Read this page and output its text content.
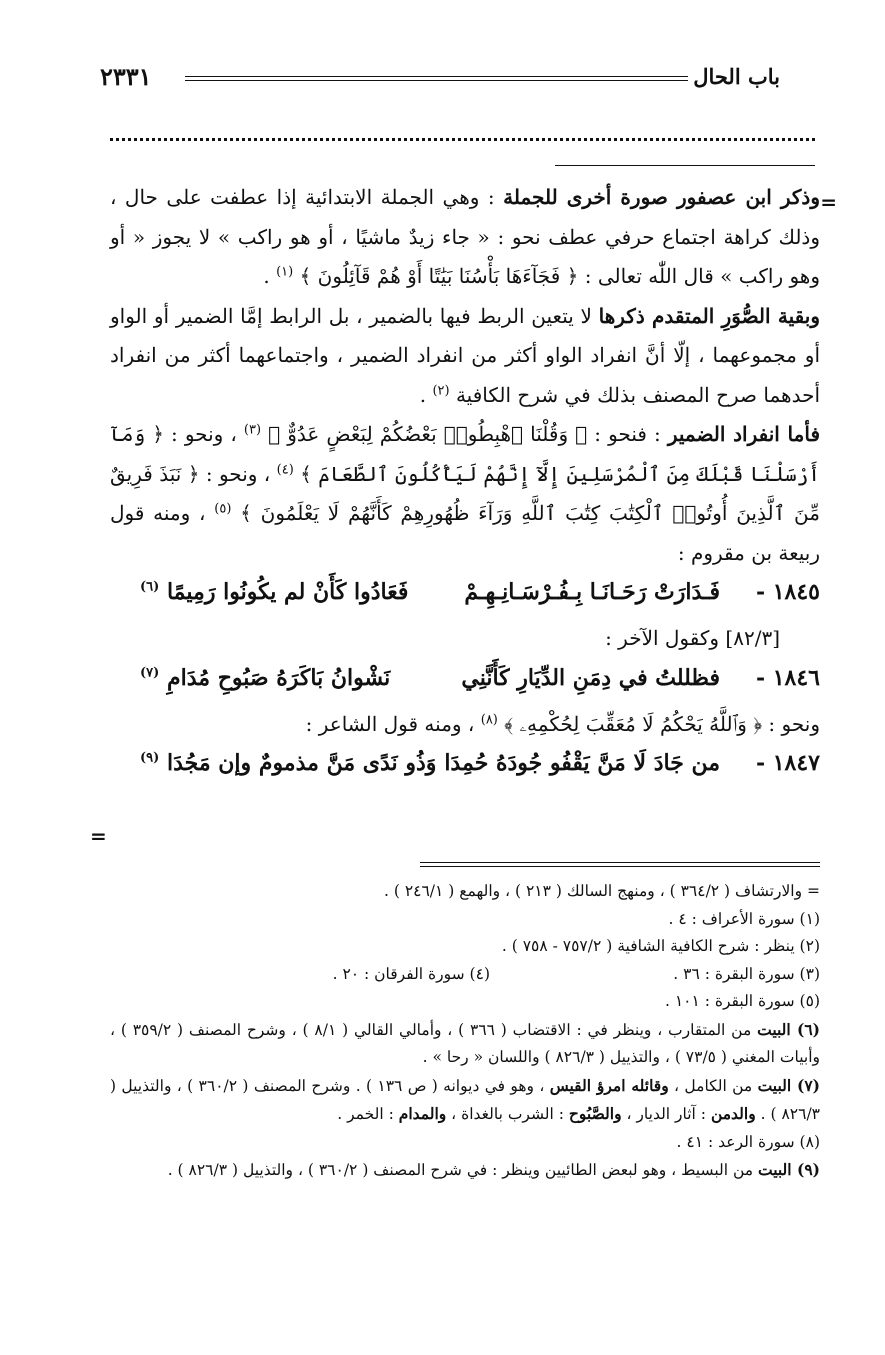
باب الحال
٢٣٣١
=
=

وذكر ابن عصفور صورة أخرى للجملة : وهي الجملة الابتدائية إذا عطفت على حال ، وذلك كراهة اجتماع حرفي عطف نحو : « جاء زيدٌ ماشيًا ، أو هو راكب » لا يجوز « أو وهو راكب » قال اللّٰه تعالى : ﴿ فَجَآءَهَا بَأْسُنَا بَيَٰتًا أَوْ هُمْ قَآئِلُونَ ﴾ $^{(١)}$ .

وبقية الصُّوَرِ المتقدم ذكرها لا يتعين الربط فيها بالضمير ، بل الرابط إمَّا الضمير أو الواو أو مجموعهما ، إلّا أنَّ انفراد الواو أكثر من انفراد الضمير ، واجتماعهما أكثر من انفراد أحدهما صرح المصنف بذلك في شرح الكافية $^{(٢)}$ .

فأما انفراد الضمير : فنحو : ﴿ وَقُلْنَا ٱهْبِطُوا۟ بَعْضُكُمْ لِبَعْضٍ عَدُوٌّ ﴾ $^{(٣)}$ ، ونحو : ﴿ وَمَآ أَرْسَلْنَا قَبْلَكَ مِنَ ٱلْمُرْسَلِينَ إِلَّآ إِنَّهُمْ لَيَأْكُلُونَ ٱلطَّعَامَ ﴾ $^{(٤)}$ ، ونحو : ﴿ نَبَذَ فَرِيقٌ مِّنَ ٱلَّذِينَ أُوتُوا۟ ٱلْكِتَٰبَ كِتَٰبَ ٱللَّهِ وَرَآءَ ظُهُورِهِمْ كَأَنَّهُمْ لَا يَعْلَمُونَ ﴾ $^{(٥)}$ ، ومنه قول ربيعة بن مقروم :

١٨٤٥ -
فَـدَارَتْ رَحَـانَـا بِـفُـرْسَـانِـهِـمْ
فَعَادُوا كَأَنْ لم يكُونُوا رَمِيمًا $^{(٦)}$

[٨٢/٣] وكقول الآخر :

١٨٤٦ -
فظللتُ في دِمَنِ الدِّيَارِ كَأَنَّنِي
نَشْوانُ بَاكَرَهُ صَبُوحِ مُدَامِ $^{(٧)}$

ونحو : ﴿ وَٱللَّهُ يَحْكُمُ لَا مُعَقِّبَ لِحُكْمِهِۦ ﴾ $^{(٨)}$ ، ومنه قول الشاعر :

١٨٤٧ -
من جَادَ لَا مَنَّ يَقْفُو جُودَهُ حُمِدَا
وَذُو نَدًى مَنَّ مذمومٌ وإن مَجُدَا $^{(٩)}$

= والارتشاف ( ٣٦٤/٢ ) ، ومنهج السالك ( ٢١٣ ) ، والهمع ( ٢٤٦/١ ) .

(١) سورة الأعراف : ٤ .

(٢) ينظر : شرح الكافية الشافية ( ٧٥٧/٢ - ٧٥٨ ) .

(٣) سورة البقرة : ٣٦ .
(٤) سورة الفرقان : ٢٠ .

(٥) سورة البقرة : ١٠١ .

(٦) البيت من المتقارب ، وينظر في : الاقتضاب ( ٣٦٦ ) ، وأمالي القالي ( ٨/١ ) ، وشرح المصنف ( ٣٥٩/٢ ) ، وأبيات المغني ( ٧٣/٥ ) ، والتذييل ( ٨٢٦/٣ ) واللسان « رحا » .

(٧) البيت من الكامل ، وقائله امرؤ القيس ، وهو في ديوانه ( ص ١٣٦ ) . وشرح المصنف ( ٣٦٠/٢ ) ، والتذييل ( ٨٢٦/٣ ) . والدمن : آثار الديار ، والصَّبُوح : الشرب بالغداة ، والمدام : الخمر .

(٨) سورة الرعد : ٤١ .

(٩) البيت من البسيط ، وهو لبعض الطائيين وينظر : في شرح المصنف ( ٣٦٠/٢ ) ، والتذييل ( ٨٢٦/٣ ) .
